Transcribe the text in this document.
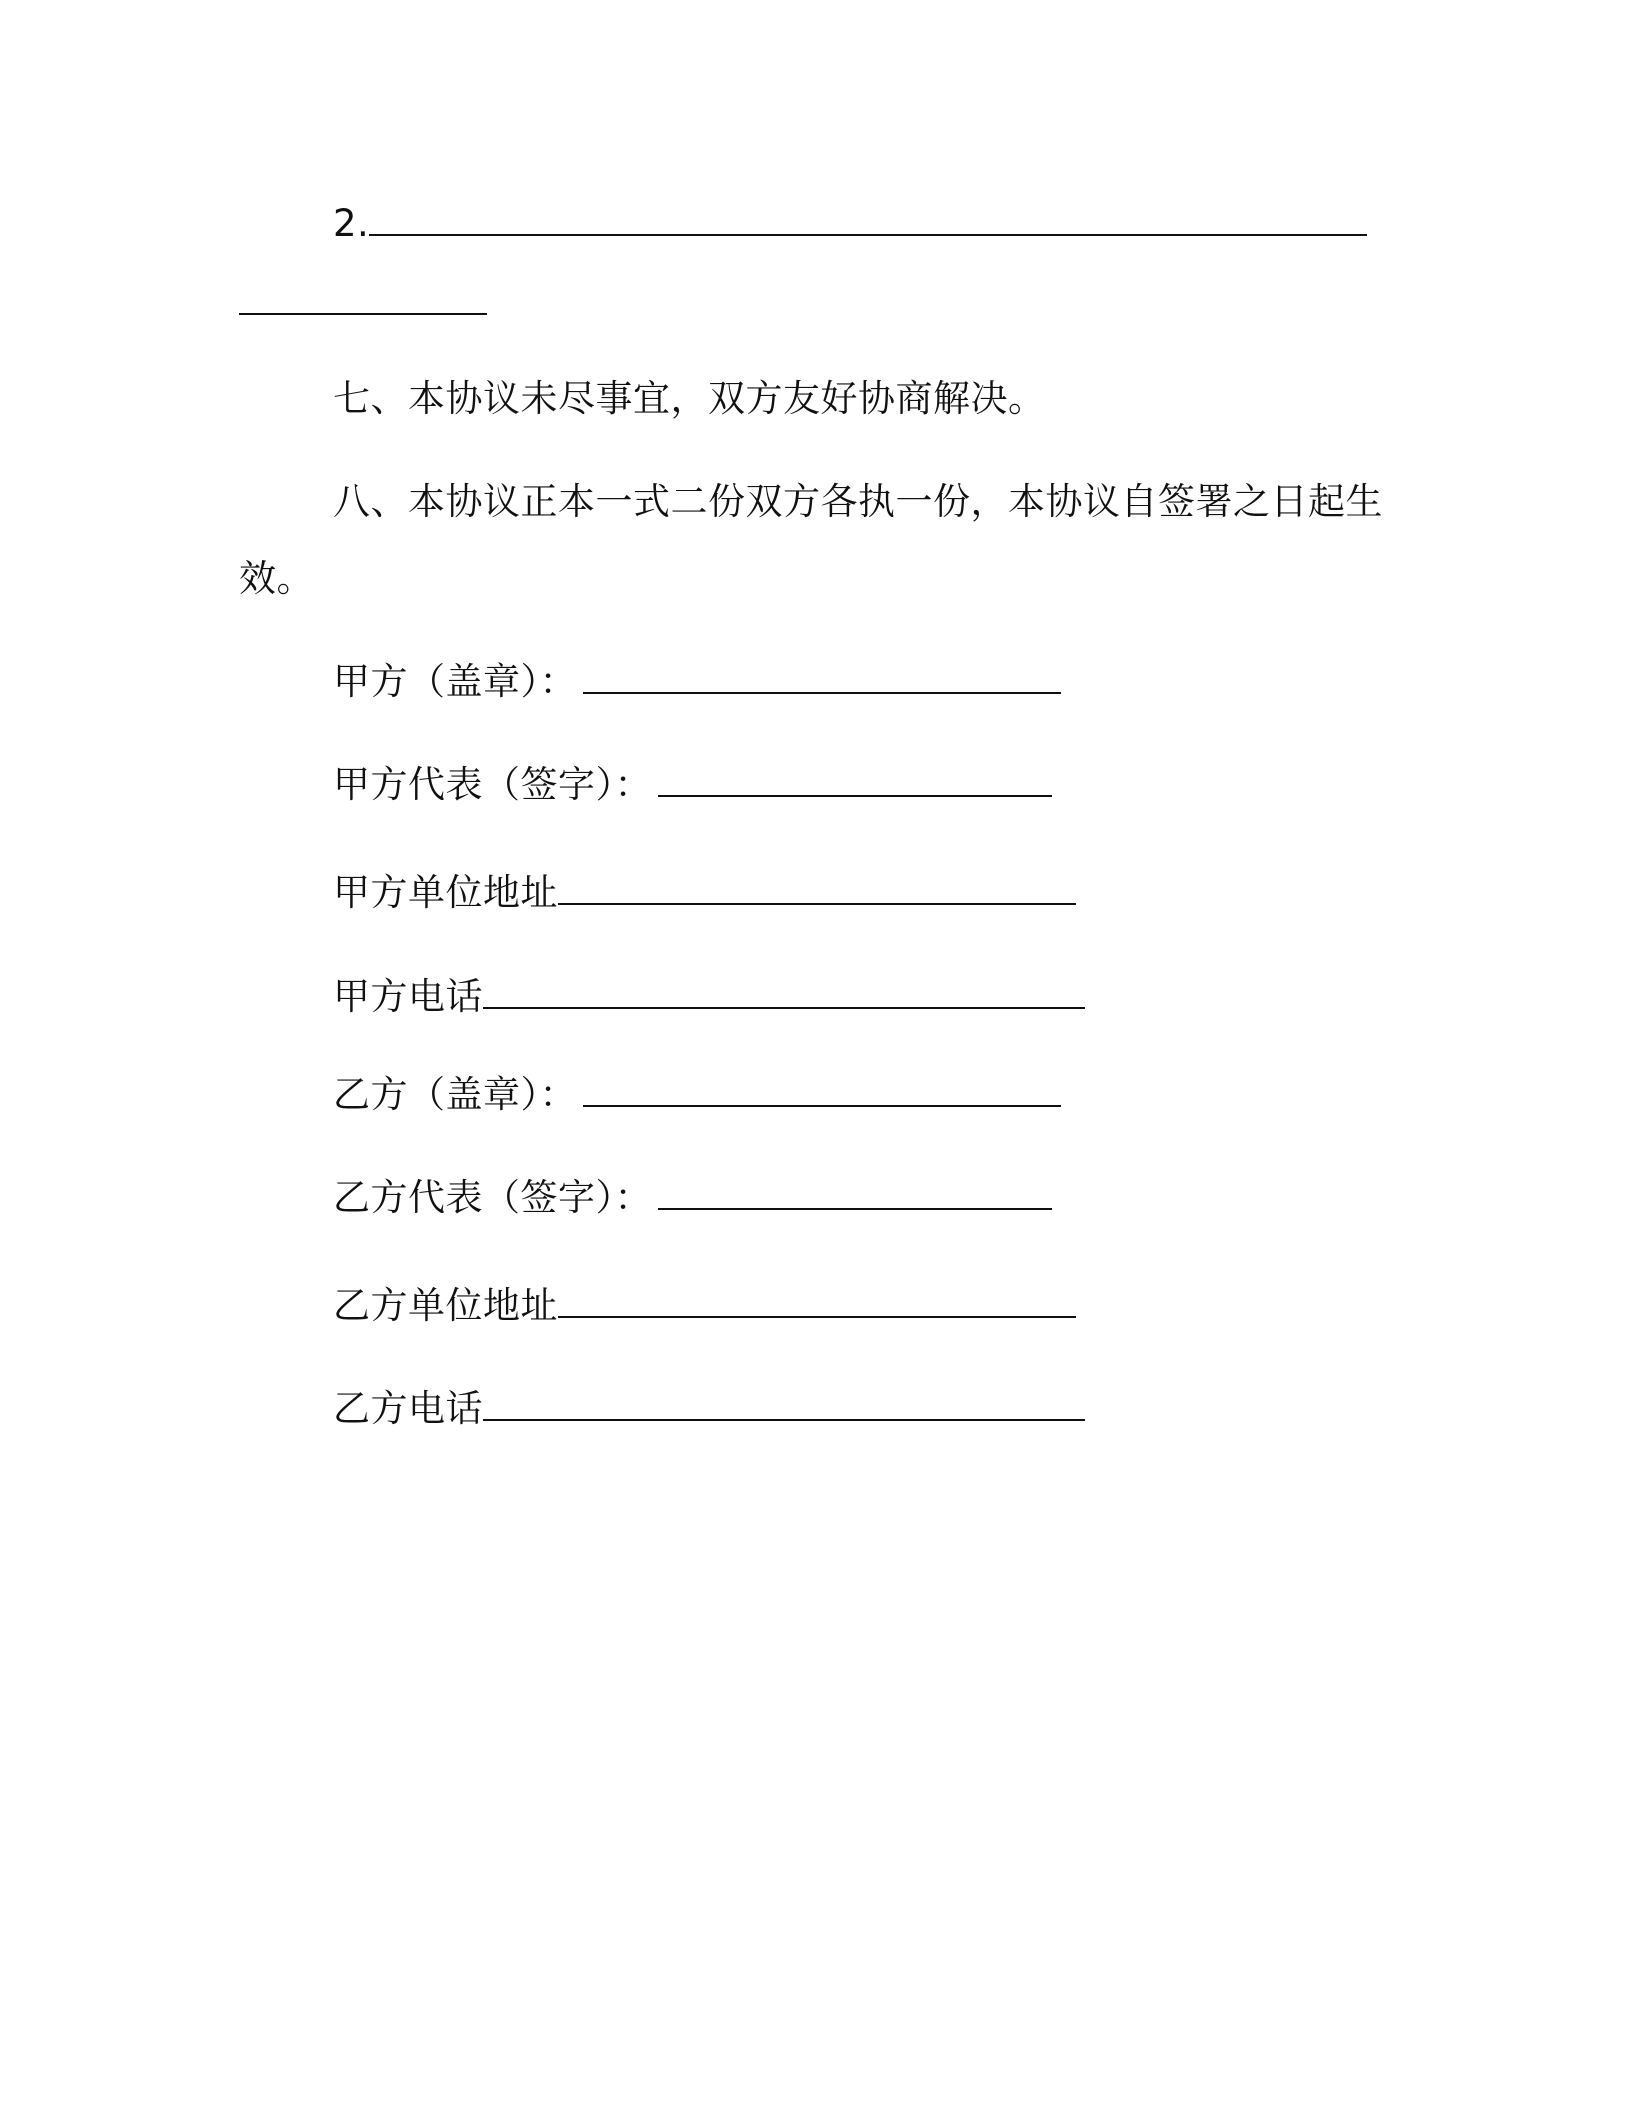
2.
七、本协议未尽事宜，双方友好协商解决。
八、本协议正本一式二份双方各执一份，本协议自签署之日起生
效。
甲方（盖章）：
甲方代表（签字）：
甲方单位地址
甲方电话
乙方（盖章）：
乙方代表（签字）：
乙方单位地址
乙方电话
